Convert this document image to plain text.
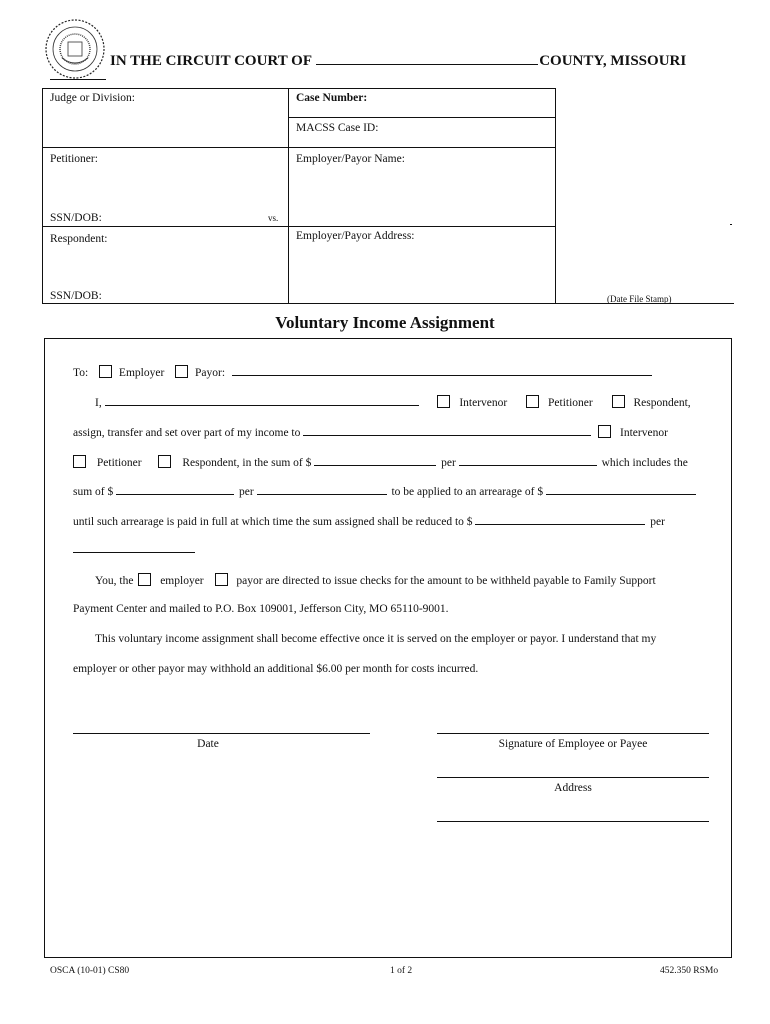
IN THE CIRCUIT COURT OF	COUNTY, MISSOURI
Judge or Division:	Case Number:
MACSS Case ID:
Petitioner:	Employer/Payor Name:
SSN/DOB:	vs.
Respondent:	Employer/Payor Address:
SSN/DOB:	(Date File Stamp)
Voluntary Income Assignment
To:	Employer	Payor:
I,	Intervenor	Petitioner	Respondent,
assign, transfer and set over part of my income to	Intervenor
Petitioner	Respondent, in the sum of $	per	which includes the
sum of $	per	to be applied to an arrearage of $
until such arrearage is paid in full at which time the sum assigned shall be reduced to $	per
You, the employer	payor are directed to issue checks for the amount to be withheld payable to Family Support
Payment Center and mailed to P.O. Box 109001, Jefferson City, MO 65110-9001.
This voluntary income assignment shall become effective once it is served on the employer or payor. I understand that my
employer or other payor may withhold an additional $6.00 per month for costs incurred.
Date	Signature of Employee or Payee
Address
OSCA (10-01) CS80	1 of 2	452.350 RSMo
